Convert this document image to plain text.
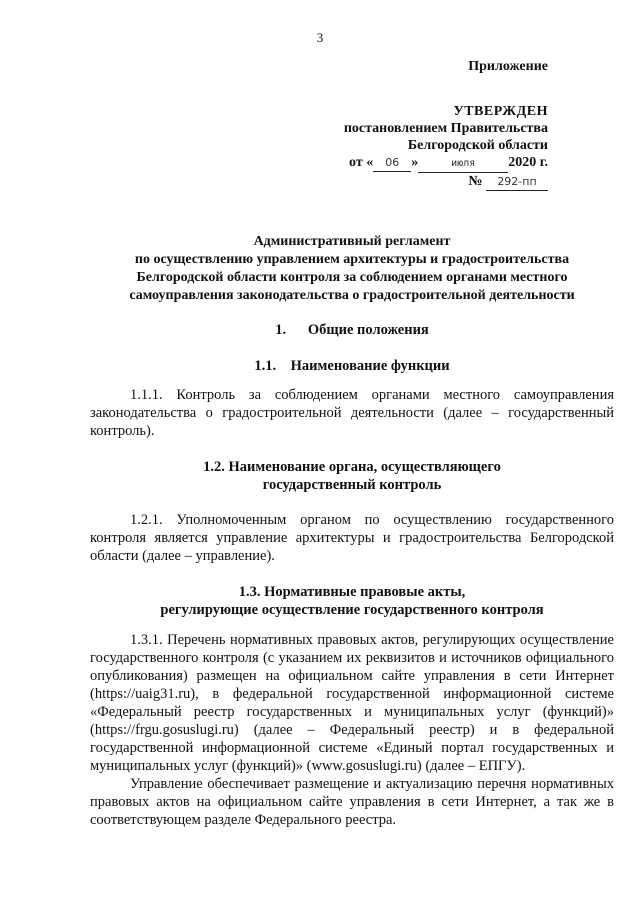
3
Приложение
УТВЕРЖДЕН
постановлением Правительства
Белгородской области
от « 06 »	июля 2020 г.
№ 292-пп
Административный регламент
по осуществлению управлением архитектуры и градостроительства
Белгородской области контроля за соблюдением органами местного
самоуправления законодательства о градостроительной деятельности
1.      Общие положения
1.1.    Наименование функции
1.1.1. Контроль за соблюдением органами местного самоуправления законодательства о градостроительной деятельности (далее – государственный контроль).
1.2. Наименование органа, осуществляющего
государственный контроль
1.2.1. Уполномоченным органом по осуществлению государственного контроля является управление архитектуры и градостроительства Белгородской области (далее – управление).
1.3. Нормативные правовые акты,
регулирующие осуществление государственного контроля
1.3.1. Перечень нормативных правовых актов, регулирующих осуществление государственного контроля (с указанием их реквизитов и источников официального опубликования) размещен на официальном сайте управления в сети Интернет (https://uaig31.ru), в федеральной государственной информационной системе «Федеральный реестр государственных и муниципальных услуг (функций)» (https://frgu.gosuslugi.ru) (далее – Федеральный реестр) и в федеральной государственной информационной системе «Единый портал государственных и муниципальных услуг (функций)» (www.gosuslugi.ru) (далее – ЕПГУ).
Управление обеспечивает размещение и актуализацию перечня нормативных правовых актов на официальном сайте управления в сети Интернет, а так же в соответствующем разделе Федерального реестра.
